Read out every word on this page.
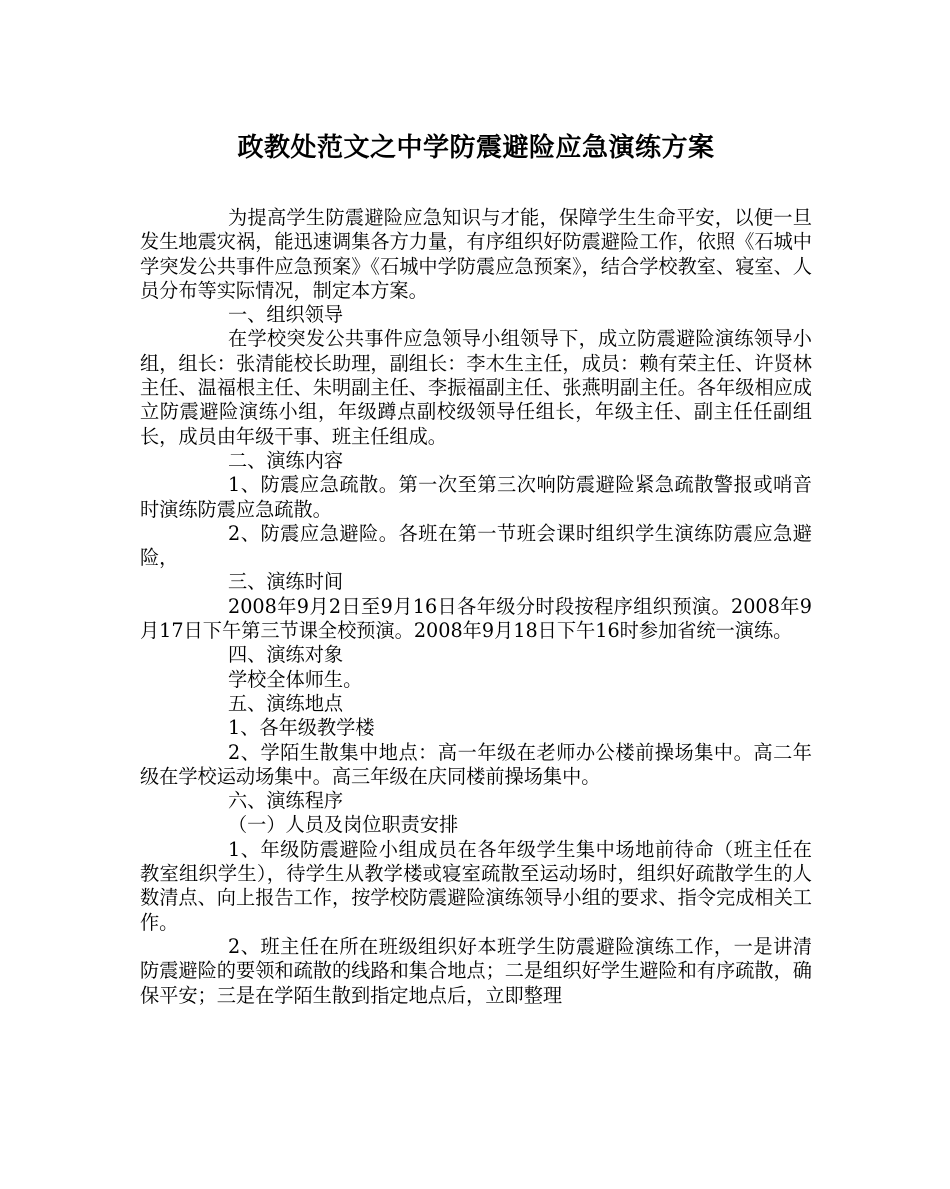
政教处范文之中学防震避险应急演练方案

为提高学生防震避险应急知识与才能，保障学生生命平安，以便一旦发生地震灾祸，能迅速调集各方力量，有序组织好防震避险工作，依照《石城中学突发公共事件应急预案》《石城中学防震应急预案》，结合学校教室、寝室、人员分布等实际情况，制定本方案。

一、组织领导

在学校突发公共事件应急领导小组领导下，成立防震避险演练领导小组，组长：张清能校长助理，副组长：李木生主任，成员：赖有荣主任、许贤林主任、温福根主任、朱明副主任、李振福副主任、张燕明副主任。各年级相应成立防震避险演练小组，年级蹲点副校级领导任组长，年级主任、副主任任副组长，成员由年级干事、班主任组成。

二、演练内容

1、防震应急疏散。第一次至第三次响防震避险紧急疏散警报或哨音时演练防震应急疏散。

2、防震应急避险。各班在第一节班会课时组织学生演练防震应急避险，

三、演练时间

2008年9月2日至9月16日各年级分时段按程序组织预演。2008年9月17日下午第三节课全校预演。2008年9月18日下午16时参加省统一演练。

四、演练对象

学校全体师生。

五、演练地点

1、各年级教学楼

2、学陌生散集中地点：高一年级在老师办公楼前操场集中。高二年级在学校运动场集中。高三年级在庆同楼前操场集中。

六、演练程序

（一）人员及岗位职责安排

1、年级防震避险小组成员在各年级学生集中场地前待命（班主任在教室组织学生），待学生从教学楼或寝室疏散至运动场时，组织好疏散学生的人数清点、向上报告工作，按学校防震避险演练领导小组的要求、指令完成相关工作。

2、班主任在所在班级组织好本班学生防震避险演练工作，一是讲清防震避险的要领和疏散的线路和集合地点；二是组织好学生避险和有序疏散，确保平安；三是在学陌生散到指定地点后，立即整理
